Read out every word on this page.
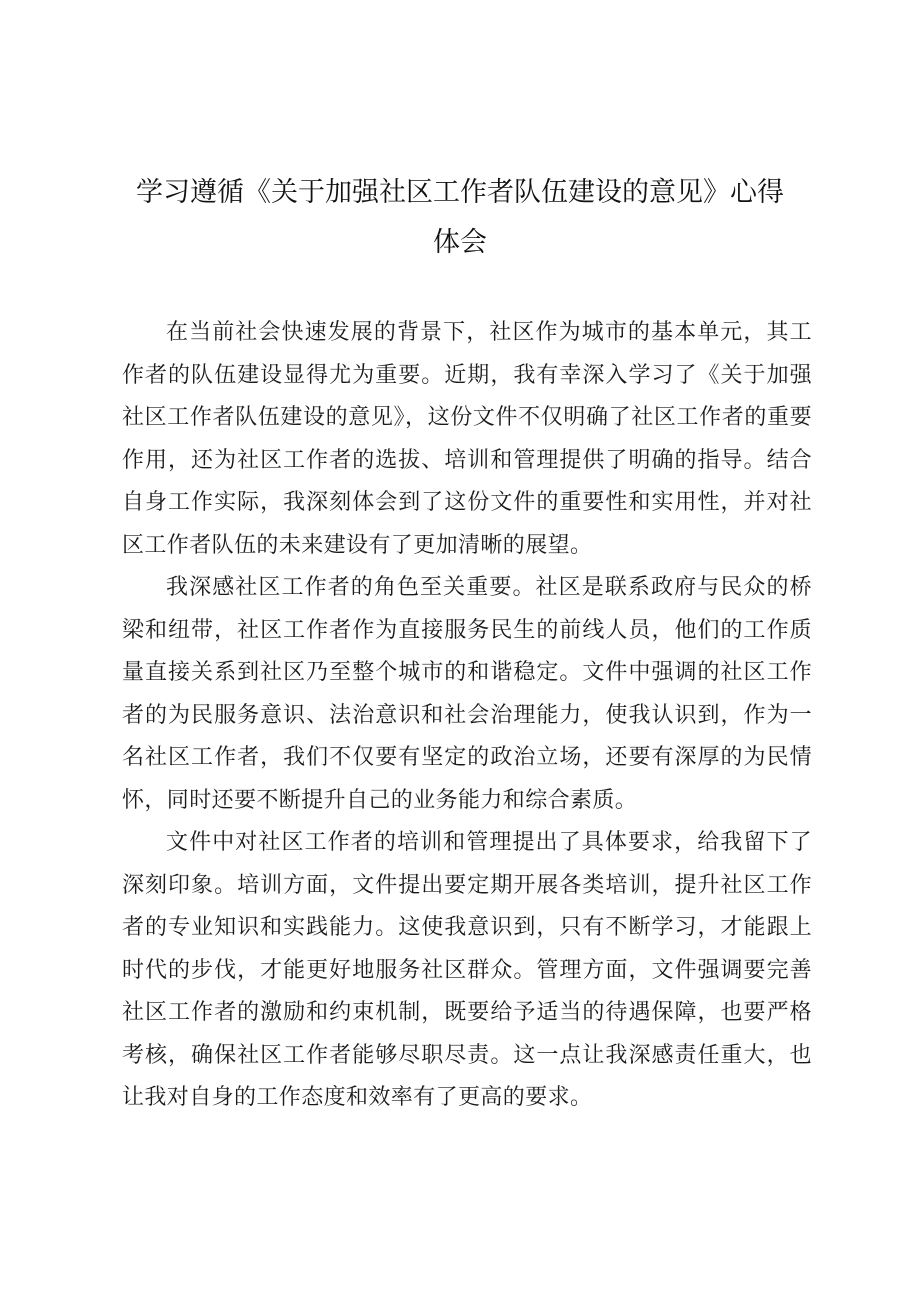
学习遵循《关于加强社区工作者队伍建设的意见》心得
体会

在当前社会快速发展的背景下，社区作为城市的基本单元，其工作者的队伍建设显得尤为重要。近期，我有幸深入学习了《关于加强社区工作者队伍建设的意见》，这份文件不仅明确了社区工作者的重要作用，还为社区工作者的选拔、培训和管理提供了明确的指导。结合自身工作实际，我深刻体会到了这份文件的重要性和实用性，并对社区工作者队伍的未来建设有了更加清晰的展望。

我深感社区工作者的角色至关重要。社区是联系政府与民众的桥梁和纽带，社区工作者作为直接服务民生的前线人员，他们的工作质量直接关系到社区乃至整个城市的和谐稳定。文件中强调的社区工作者的为民服务意识、法治意识和社会治理能力，使我认识到，作为一名社区工作者，我们不仅要有坚定的政治立场，还要有深厚的为民情怀，同时还要不断提升自己的业务能力和综合素质。

文件中对社区工作者的培训和管理提出了具体要求，给我留下了深刻印象。培训方面，文件提出要定期开展各类培训，提升社区工作者的专业知识和实践能力。这使我意识到，只有不断学习，才能跟上时代的步伐，才能更好地服务社区群众。管理方面，文件强调要完善社区工作者的激励和约束机制，既要给予适当的待遇保障，也要严格考核，确保社区工作者能够尽职尽责。这一点让我深感责任重大，也让我对自身的工作态度和效率有了更高的要求。
